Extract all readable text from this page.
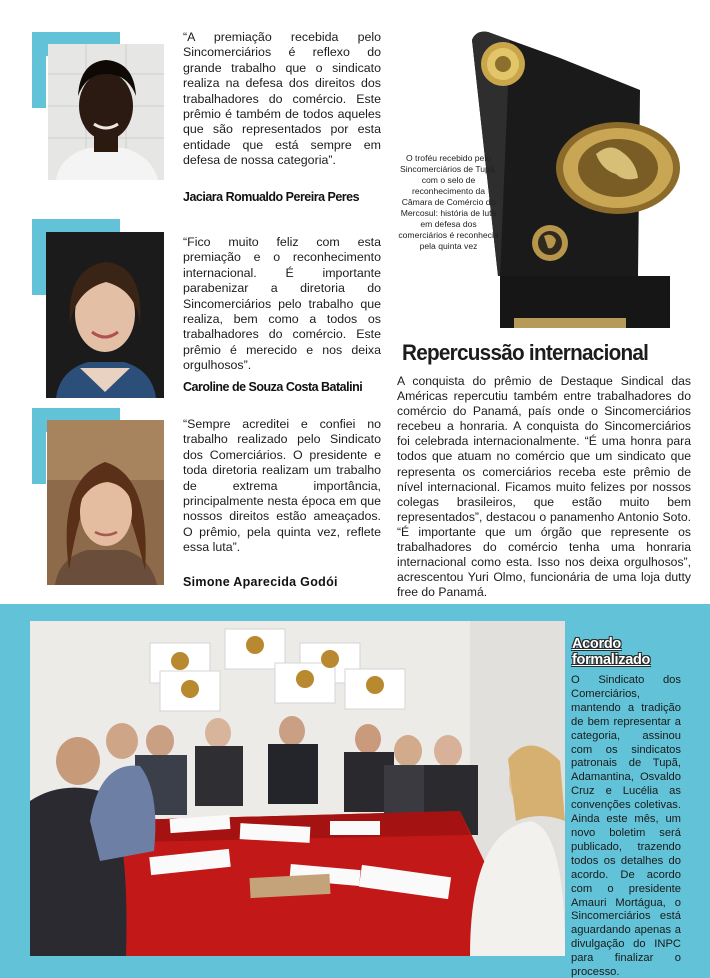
“A premiação recebida pelo Sincomerciários é reflexo do grande trabalho que o sindicato realiza na defesa dos direitos dos trabalhadores do comércio. Este prêmio é também de todos aqueles que são representados por esta entidade que está sempre em defesa de nossa categoria”.
Jaciara Romualdo Pereira Peres
“Fico muito feliz com esta premiação e o reconhecimento internacional. É importante parabenizar a diretoria do Sincomerciários pelo trabalho que realiza, bem como a todos os trabalhadores do comércio. Este prêmio é merecido e nos deixa orgulhosos”.
Caroline de Souza Costa Batalini
“Sempre acreditei e confiei no trabalho realizado pelo Sindicato dos Comerciários. O presidente e toda diretoria realizam um trabalho de extrema importância, principalmente nesta época em que nossos direitos estão ameaçados. O prêmio, pela quinta vez, reflete essa luta”.
Simone Aparecida Godói
O troféu recebido pelo Sincomerciários de Tupã, com o selo de reconhecimento da Câmara de Comércio do Mercosul: história de luta em defesa dos comerciários é reconhecia pela quinta vez
Repercussão internacional
A conquista do prêmio de Destaque Sindical das Américas repercutiu também entre trabalhadores do comércio do Panamá, país onde o Sincomerciários recebeu a honraria. A conquista do Sincomerciários foi celebrada internacionalmente. “É uma honra para todos que atuam no comércio que um sindicato que representa os comerciários receba este prêmio de nível internacional. Ficamos muito felizes por nossos colegas brasileiros, que estão muito bem representados”, destacou o panamenho Antonio Soto. “É importante que um órgão que represente os trabalhadores do comércio tenha uma honraria internacional como esta. Isso nos deixa orgulhosos”, acrescentou Yuri Olmo, funcionária de uma loja dutty free do Panamá.
Acordo formalizado
O Sindicato dos Comerciários, mantendo a tradição de bem representar a categoria, assinou com os sindicatos patronais de Tupã, Adamantina, Osvaldo Cruz e Lucélia as convenções coletivas. Ainda este mês, um novo boletim será publicado, trazendo todos os detalhes do acordo. De acordo com o presidente Amauri Mortágua, o Sincomerciários está aguardando apenas a divulgação do INPC para finalizar o processo.
